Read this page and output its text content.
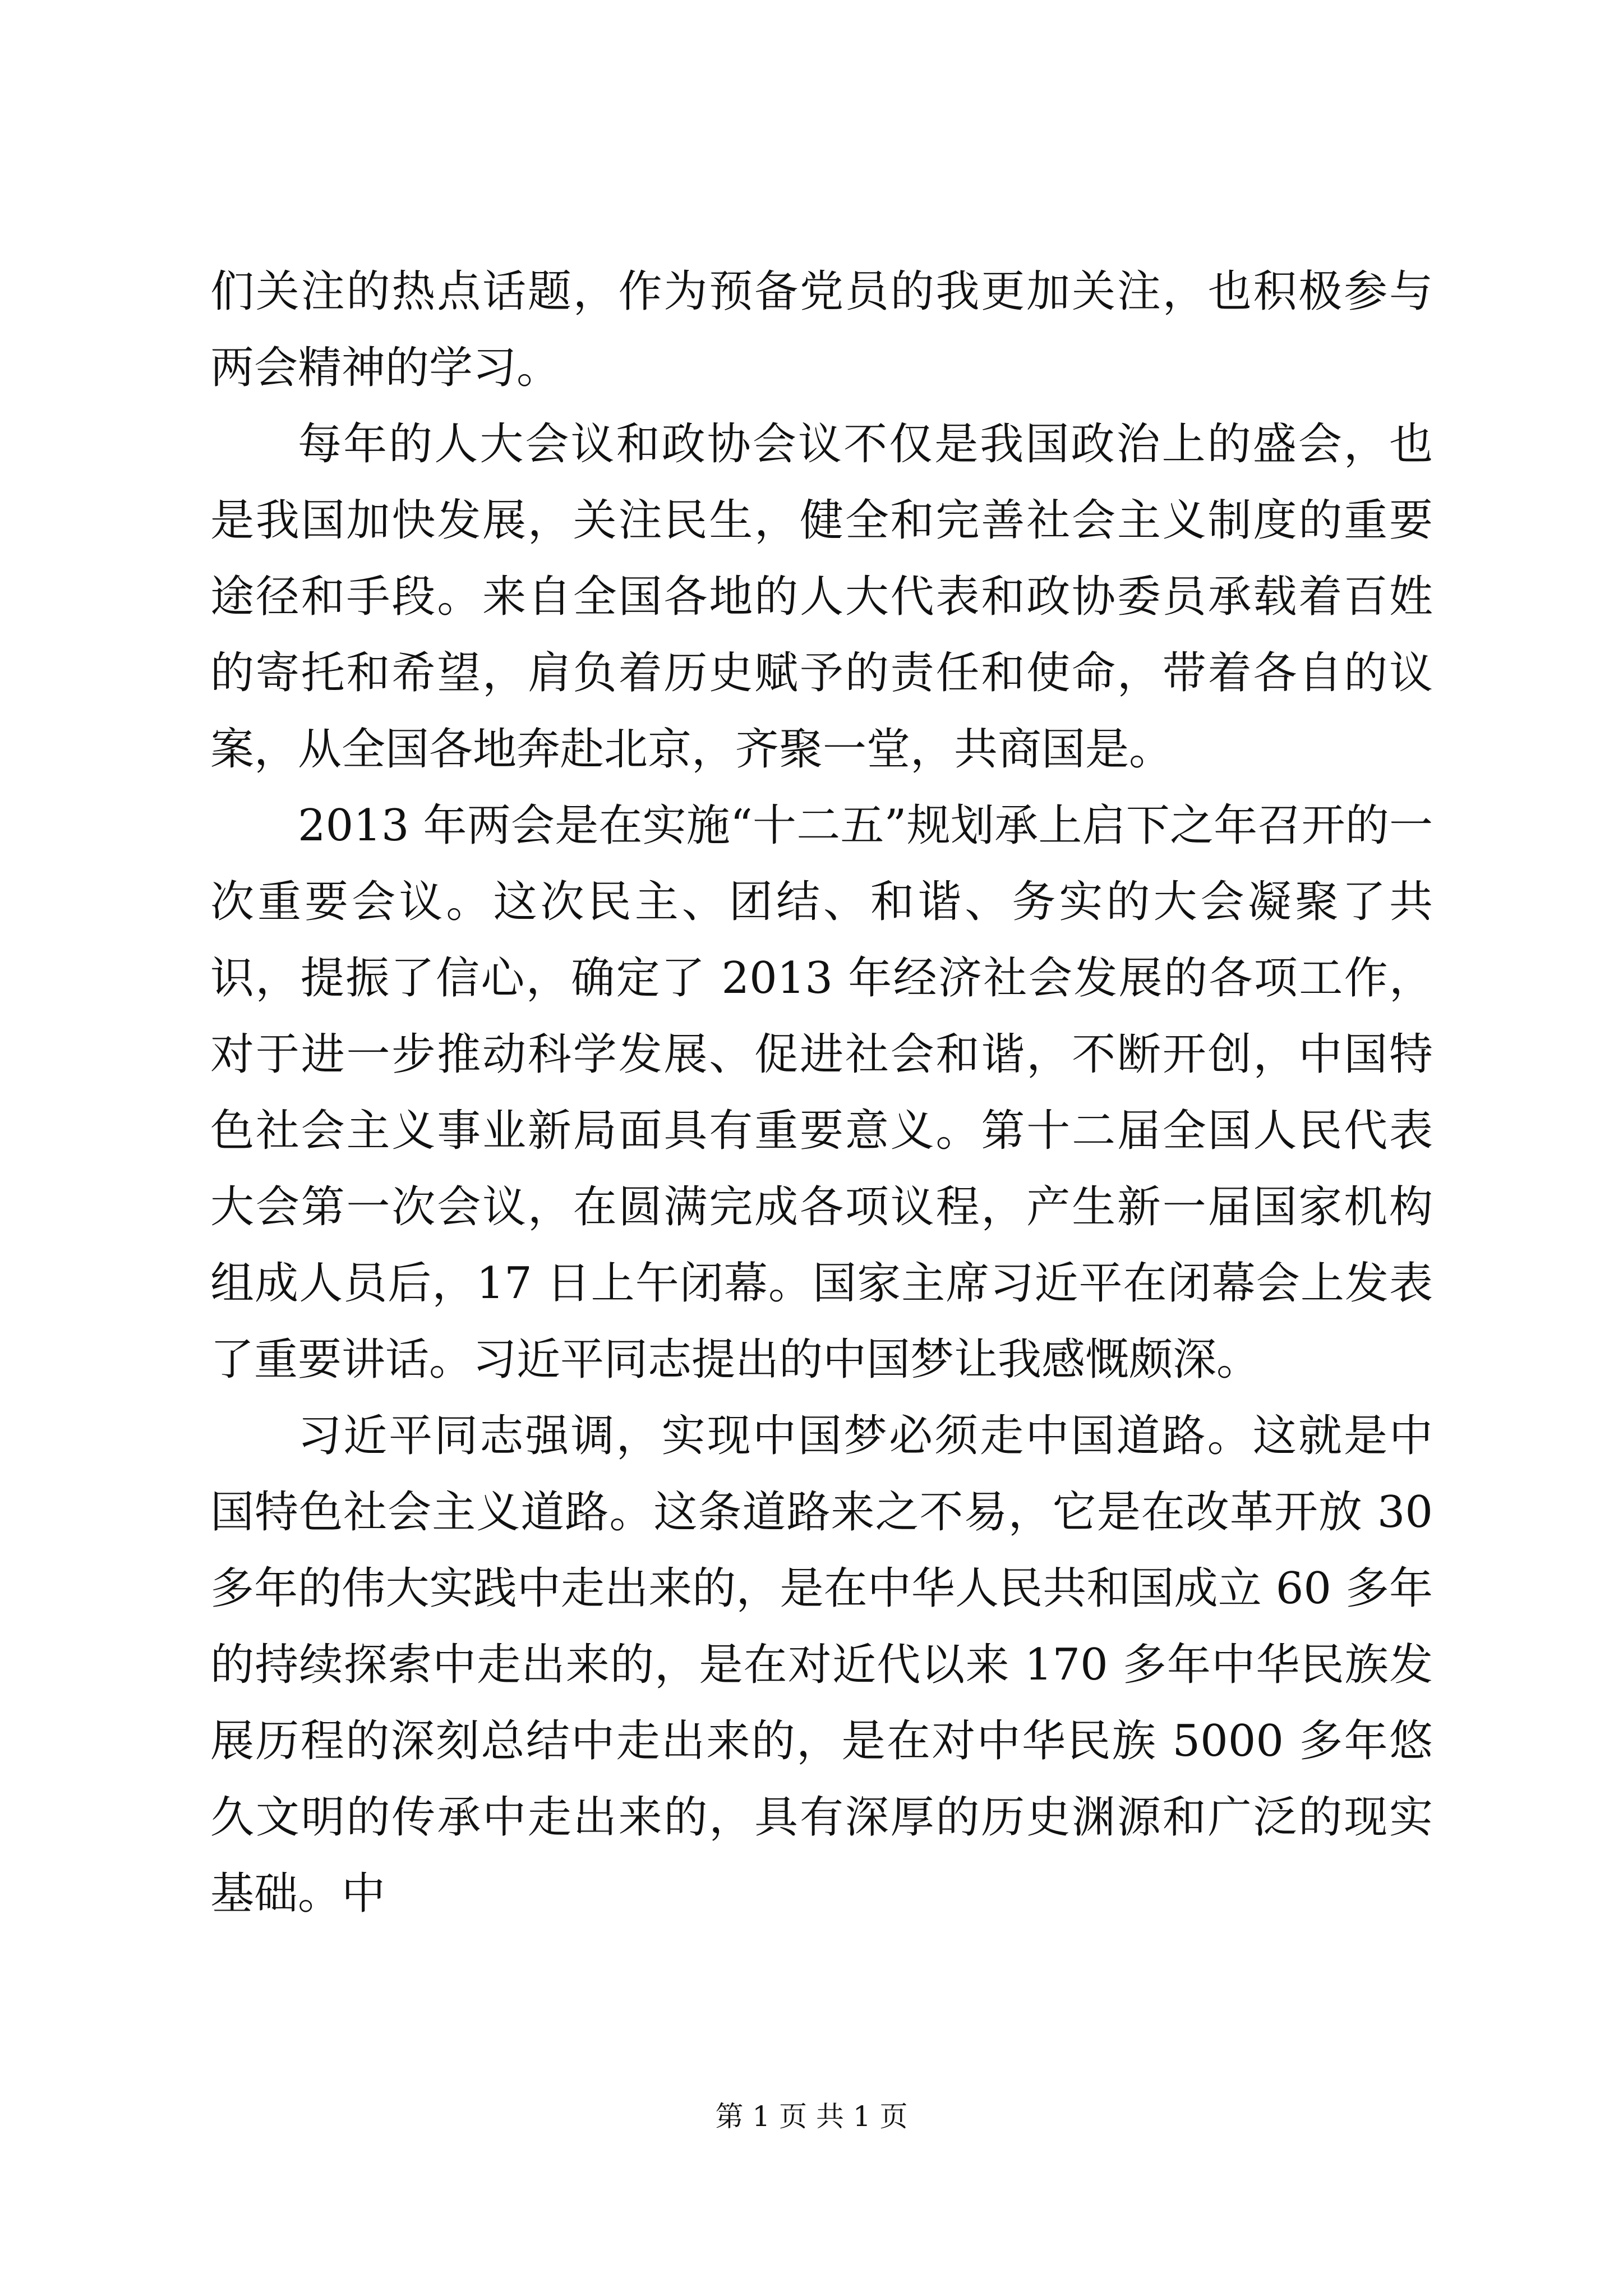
们关注的热点话题，作为预备党员的我更加关注，也积极参与两会精神的学习。

每年的人大会议和政协会议不仅是我国政治上的盛会，也是我国加快发展，关注民生，健全和完善社会主义制度的重要途径和手段。来自全国各地的人大代表和政协委员承载着百姓的寄托和希望，肩负着历史赋予的责任和使命，带着各自的议案，从全国各地奔赴北京，齐聚一堂，共商国是。

2013 年两会是在实施“十二五”规划承上启下之年召开的一次重要会议。这次民主、团结、和谐、务实的大会凝聚了共识，提振了信心，确定了 2013 年经济社会发展的各项工作，对于进一步推动科学发展、促进社会和谐，不断开创，中国特色社会主义事业新局面具有重要意义。第十二届全国人民代表大会第一次会议，在圆满完成各项议程，产生新一届国家机构组成人员后，17 日上午闭幕。国家主席习近平在闭幕会上发表了重要讲话。习近平同志提出的中国梦让我感慨颇深。

习近平同志强调，实现中国梦必须走中国道路。这就是中国特色社会主义道路。这条道路来之不易，它是在改革开放 30 多年的伟大实践中走出来的，是在中华人民共和国成立 60 多年的持续探索中走出来的，是在对近代以来 170 多年中华民族发展历程的深刻总结中走出来的，是在对中华民族 5000 多年悠久文明的传承中走出来的，具有深厚的历史渊源和广泛的现实基础。中

第 1 页 共 1 页
